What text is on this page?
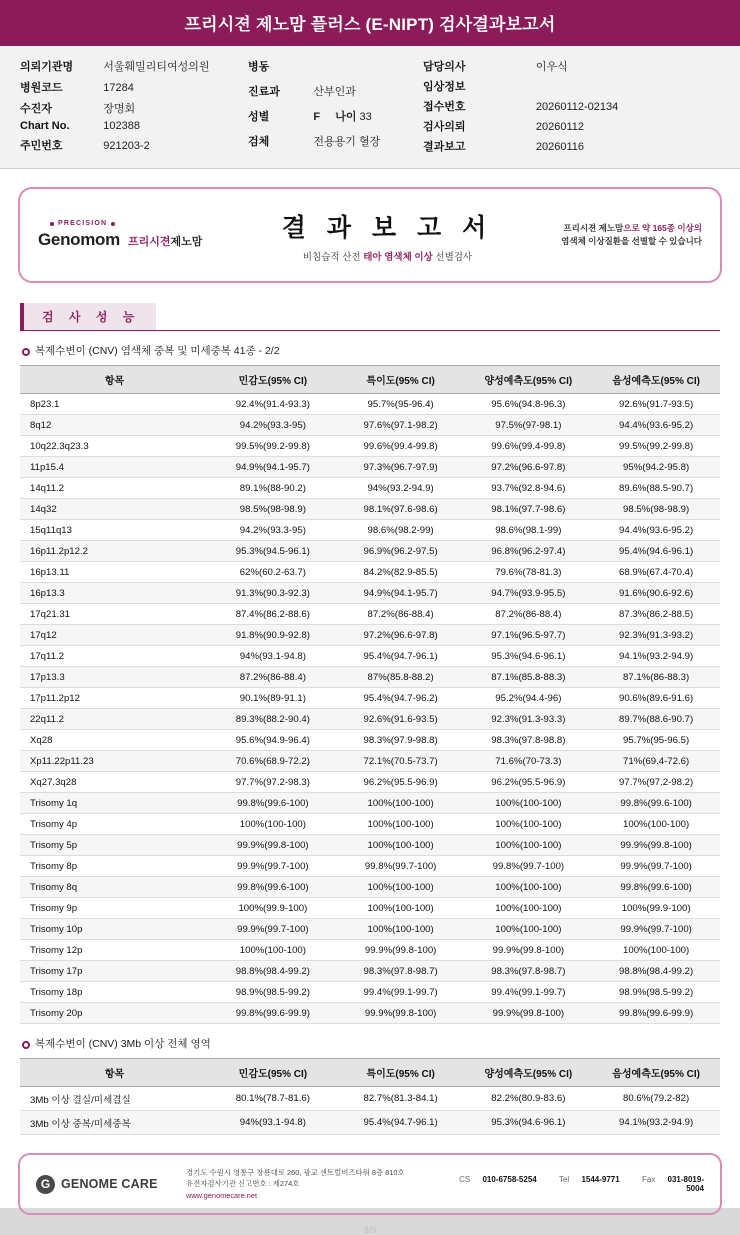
프리시젼 제노맘 플러스 (E-NIPT) 검사결과보고서
의뢰기관명	서울훼밀리티여성의원
병원코드	17284
수진자	장명회
Chart No.	102388
주민번호	921203-2
병동	
진료과	산부인과
성별	F 나이 33
검체	전용용기 혈장
담당의사	이우식
임상정보	
접수번호	20260112-02134
검사의뢰	20260112
결과보고	20260116
PRECISION
Genomom 프리시젼제노맘
결 과 보 고 서
비침습적 산전 태아 염색체 이상 선별검사
프리시젼 제노맘으로 약 165종 이상의
염색체 이상질환을 선별할 수 있습니다
검 사 성 능
복제수변이 (CNV) 염색체 중복 및 미세중복 41종 - 2/2
항목	민감도(95% CI)	특이도(95% CI)	양성예측도(95% CI)	음성예측도(95% CI)
8p23.1	92.4%(91.4-93.3)	95.7%(95-96.4)	95.6%(94.8-96.3)	92.6%(91.7-93.5)
8q12	94.2%(93.3-95)	97.6%(97.1-98.2)	97.5%(97-98.1)	94.4%(93.6-95.2)
10q22.3q23.3	99.5%(99.2-99.8)	99.6%(99.4-99.8)	99.6%(99.4-99.8)	99.5%(99.2-99.8)
11p15.4	94.9%(94.1-95.7)	97.3%(96.7-97.9)	97.2%(96.6-97.8)	95%(94.2-95.8)
14q11.2	89.1%(88-90.2)	94%(93.2-94.9)	93.7%(92.8-94.6)	89.6%(88.5-90.7)
14q32	98.5%(98-98.9)	98.1%(97.6-98.6)	98.1%(97.7-98.6)	98.5%(98-98.9)
15q11q13	94.2%(93.3-95)	98.6%(98.2-99)	98.6%(98.1-99)	94.4%(93.6-95.2)
16p11.2p12.2	95.3%(94.5-96.1)	96.9%(96.2-97.5)	96.8%(96.2-97.4)	95.4%(94.6-96.1)
16p13.11	62%(60.2-63.7)	84.2%(82.9-85.5)	79.6%(78-81.3)	68.9%(67.4-70.4)
16p13.3	91.3%(90.3-92.3)	94.9%(94.1-95.7)	94.7%(93.9-95.5)	91.6%(90.6-92.6)
17q21.31	87.4%(86.2-88.6)	87.2%(86-88.4)	87.2%(86-88.4)	87.3%(86.2-88.5)
17q12	91.8%(90.9-92.8)	97.2%(96.6-97.8)	97.1%(96.5-97.7)	92.3%(91.3-93.2)
17q11.2	94%(93.1-94.8)	95.4%(94.7-96.1)	95.3%(94.6-96.1)	94.1%(93.2-94.9)
17p13.3	87.2%(86-88.4)	87%(85.8-88.2)	87.1%(85.8-88.3)	87.1%(86-88.3)
17p11.2p12	90.1%(89-91.1)	95.4%(94.7-96.2)	95.2%(94.4-96)	90.6%(89.6-91.6)
22q11.2	89.3%(88.2-90.4)	92.6%(91.6-93.5)	92.3%(91.3-93.3)	89.7%(88.6-90.7)
Xq28	95.6%(94.9-96.4)	98.3%(97.9-98.8)	98.3%(97.8-98.8)	95.7%(95-96.5)
Xp11.22p11.23	70.6%(68.9-72.2)	72.1%(70.5-73.7)	71.6%(70-73.3)	71%(69.4-72.6)
Xq27.3q28	97.7%(97.2-98.3)	96.2%(95.5-96.9)	96.2%(95.5-96.9)	97.7%(97.2-98.2)
Trisomy 1q	99.8%(99.6-100)	100%(100-100)	100%(100-100)	99.8%(99.6-100)
Trisomy 4p	100%(100-100)	100%(100-100)	100%(100-100)	100%(100-100)
Trisomy 5p	99.9%(99.8-100)	100%(100-100)	100%(100-100)	99.9%(99.8-100)
Trisomy 8p	99.9%(99.7-100)	99.8%(99.7-100)	99.8%(99.7-100)	99.9%(99.7-100)
Trisomy 8q	99.8%(99.6-100)	100%(100-100)	100%(100-100)	99.8%(99.6-100)
Trisomy 9p	100%(99.9-100)	100%(100-100)	100%(100-100)	100%(99.9-100)
Trisomy 10p	99.9%(99.7-100)	100%(100-100)	100%(100-100)	99.9%(99.7-100)
Trisomy 12p	100%(100-100)	99.9%(99.8-100)	99.9%(99.8-100)	100%(100-100)
Trisomy 17p	98.8%(98.4-99.2)	98.3%(97.8-98.7)	98.3%(97.8-98.7)	98.8%(98.4-99.2)
Trisomy 18p	98.9%(98.5-99.2)	99.4%(99.1-99.7)	99.4%(99.1-99.7)	98.9%(98.5-99.2)
Trisomy 20p	99.8%(99.6-99.9)	99.9%(99.8-100)	99.9%(99.8-100)	99.8%(99.6-99.9)
복제수변이 (CNV) 3Mb 이상 전체 영역
항목	민감도(95% CI)	특이도(95% CI)	양성예측도(95% CI)	음성예측도(95% CI)
3Mb 이상 결실/미세결실	80.1%(78.7-81.6)	82.7%(81.3-84.1)	82.2%(80.9-83.6)	80.6%(79.2-82)
3Mb 이상 중복/미세중복	94%(93.1-94.8)	95.4%(94.7-96.1)	95.3%(94.6-96.1)	94.1%(93.2-94.9)
G GENOME CARE
경기도 수원시 영통구 창룡대로 260, 광교 센트럴비즈타워 8층 810호
유전자검사기관 신고번호 : 제274호
www.genomecare.net
CS 010-6758-5254	Tel 1544-9771	Fax 031-8019-5004
9/9
